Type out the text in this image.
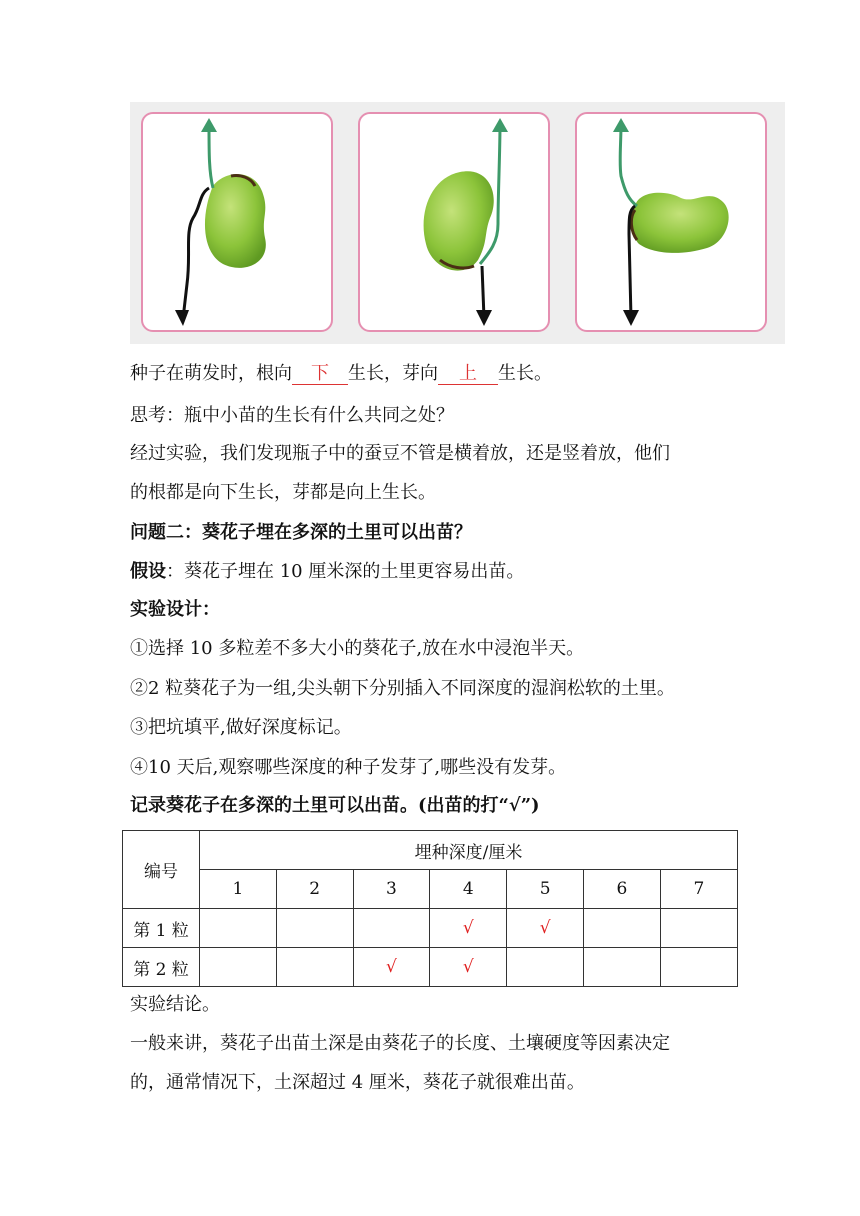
种子在萌发时，根向 下 生长，芽向 上 生长。
思考：瓶中小苗的生长有什么共同之处？
经过实验，我们发现瓶子中的蚕豆不管是横着放，还是竖着放，他们
的根都是向下生长，芽都是向上生长。
问题二：葵花子埋在多深的土里可以出苗？
假设：葵花子埋在 10 厘米深的土里更容易出苗。
实验设计：
①选择 10 多粒差不多大小的葵花子,放在水中浸泡半天。
②2 粒葵花子为一组,尖头朝下分别插入不同深度的湿润松软的土里。
③把坑填平,做好深度标记。
④10 天后,观察哪些深度的种子发芽了,哪些没有发芽。
记录葵花子在多深的土里可以出苗。(出苗的打“√”)
编号	埋种深度/厘米						
	1	2	3	4	5	6	7
第 1 粒				√	√		
第 2 粒			√	√			
实验结论。
一般来讲，葵花子出苗土深是由葵花子的长度、土壤硬度等因素决定
的，通常情况下，土深超过 4 厘米，葵花子就很难出苗。
